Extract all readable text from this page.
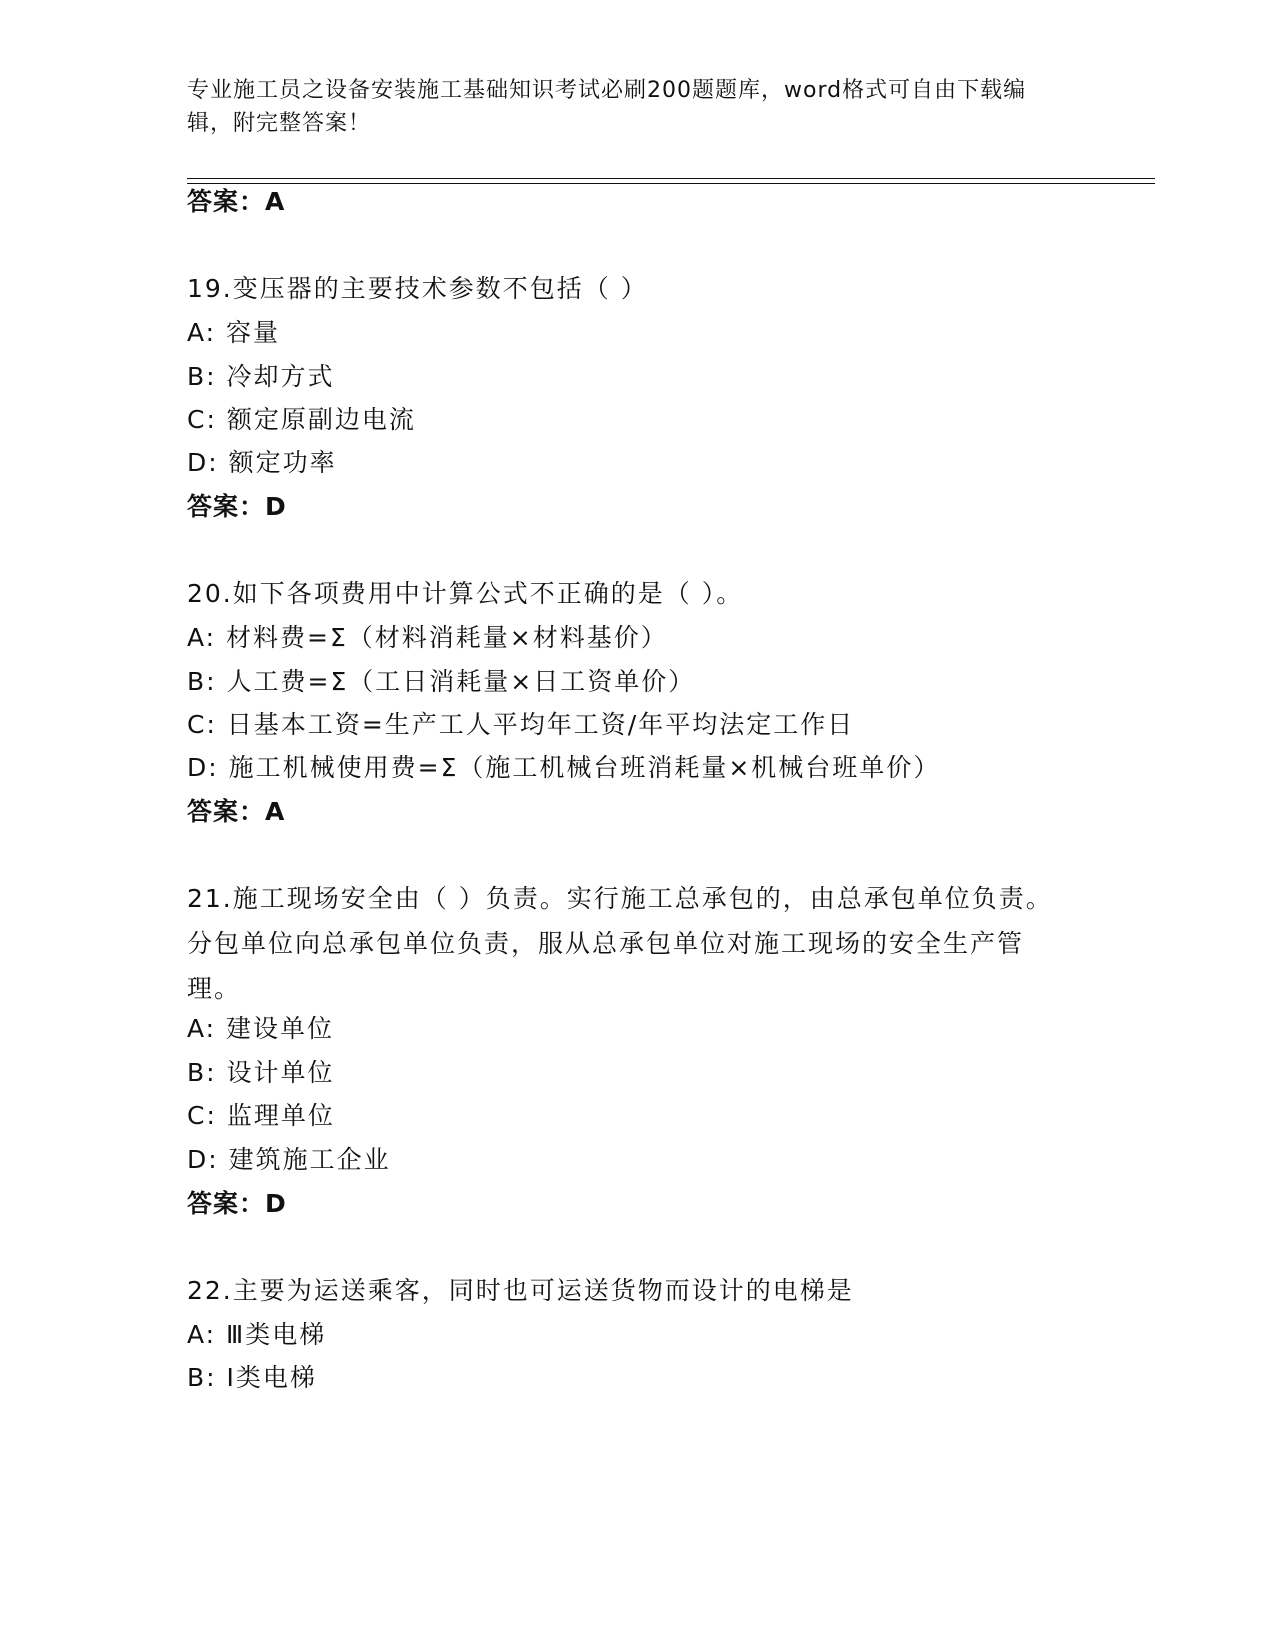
专业施工员之设备安装施工基础知识考试必刷200题题库，word格式可自由下载编辑，附完整答案！
答案：A
19.变压器的主要技术参数不包括（ ）
A: 容量
B: 冷却方式
C: 额定原副边电流
D: 额定功率
答案：D
20.如下各项费用中计算公式不正确的是（ ）。
A: 材料费=Σ（材料消耗量×材料基价）
B: 人工费=Σ（工日消耗量×日工资单价）
C: 日基本工资=生产工人平均年工资/年平均法定工作日
D: 施工机械使用费=Σ（施工机械台班消耗量×机械台班单价）
答案：A
21.施工现场安全由（ ）负责。实行施工总承包的，由总承包单位负责。分包单位向总承包单位负责，服从总承包单位对施工现场的安全生产管理。
A: 建设单位
B: 设计单位
C: 监理单位
D: 建筑施工企业
答案：D
22.主要为运送乘客，同时也可运送货物而设计的电梯是
A: Ⅲ类电梯
B: Ⅰ类电梯
